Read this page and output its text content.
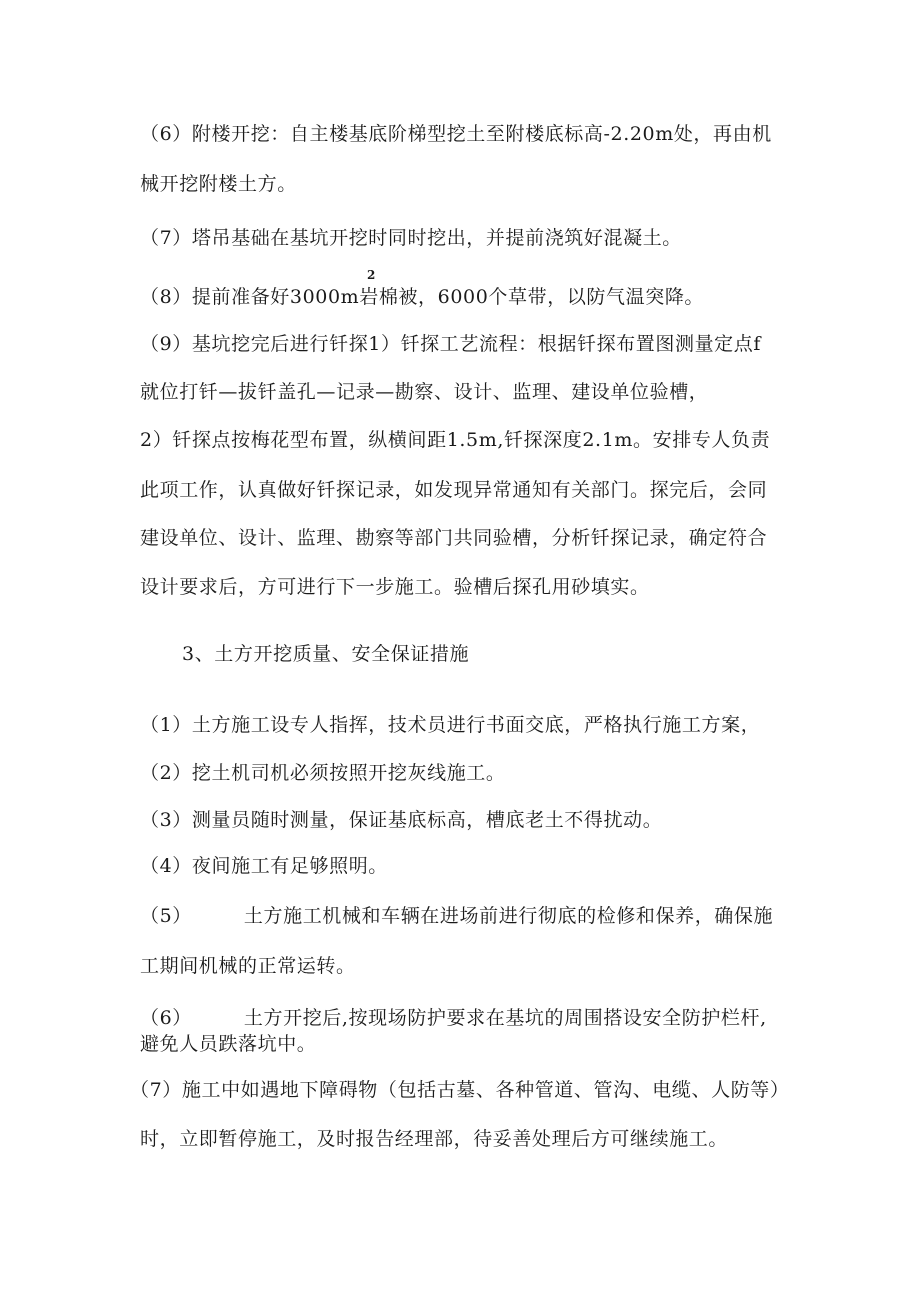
（6）附楼开挖：自主楼基底阶梯型挖土至附楼底标高-2.20m处，再由机
械开挖附楼土方。
（7）塔吊基础在基坑开挖时同时挖出，并提前浇筑好混凝土。
2
（8）提前准备好3000m岩棉被，6000个草带，以防气温突降。
（9）基坑挖完后进行钎探1）钎探工艺流程：根据钎探布置图测量定点f
就位打钎—拔钎盖孔—记录—勘察、设计、监理、建设单位验槽，
2）钎探点按梅花型布置，纵横间距1.5m,钎探深度2.1m。安排专人负责
此项工作，认真做好钎探记录，如发现异常通知有关部门。探完后，会同
建设单位、设计、监理、勘察等部门共同验槽，分析钎探记录，确定符合
设计要求后，方可进行下一步施工。验槽后探孔用砂填实。
3、土方开挖质量、安全保证措施
（1）土方施工设专人指挥，技术员进行书面交底，严格执行施工方案，
（2）挖土机司机必须按照开挖灰线施工。
（3）测量员随时测量，保证基底标高，槽底老土不得扰动。
（4）夜间施工有足够照明。
（5）	土方施工机械和车辆在进场前进行彻底的检修和保养，确保施
工期间机械的正常运转。
（6）	土方开挖后,按现场防护要求在基坑的周围搭设安全防护栏杆,
避免人员跌落坑中。
（7）施工中如遇地下障碍物（包括古墓、各种管道、管沟、电缆、人防等）
时，立即暂停施工，及时报告经理部，待妥善处理后方可继续施工。
